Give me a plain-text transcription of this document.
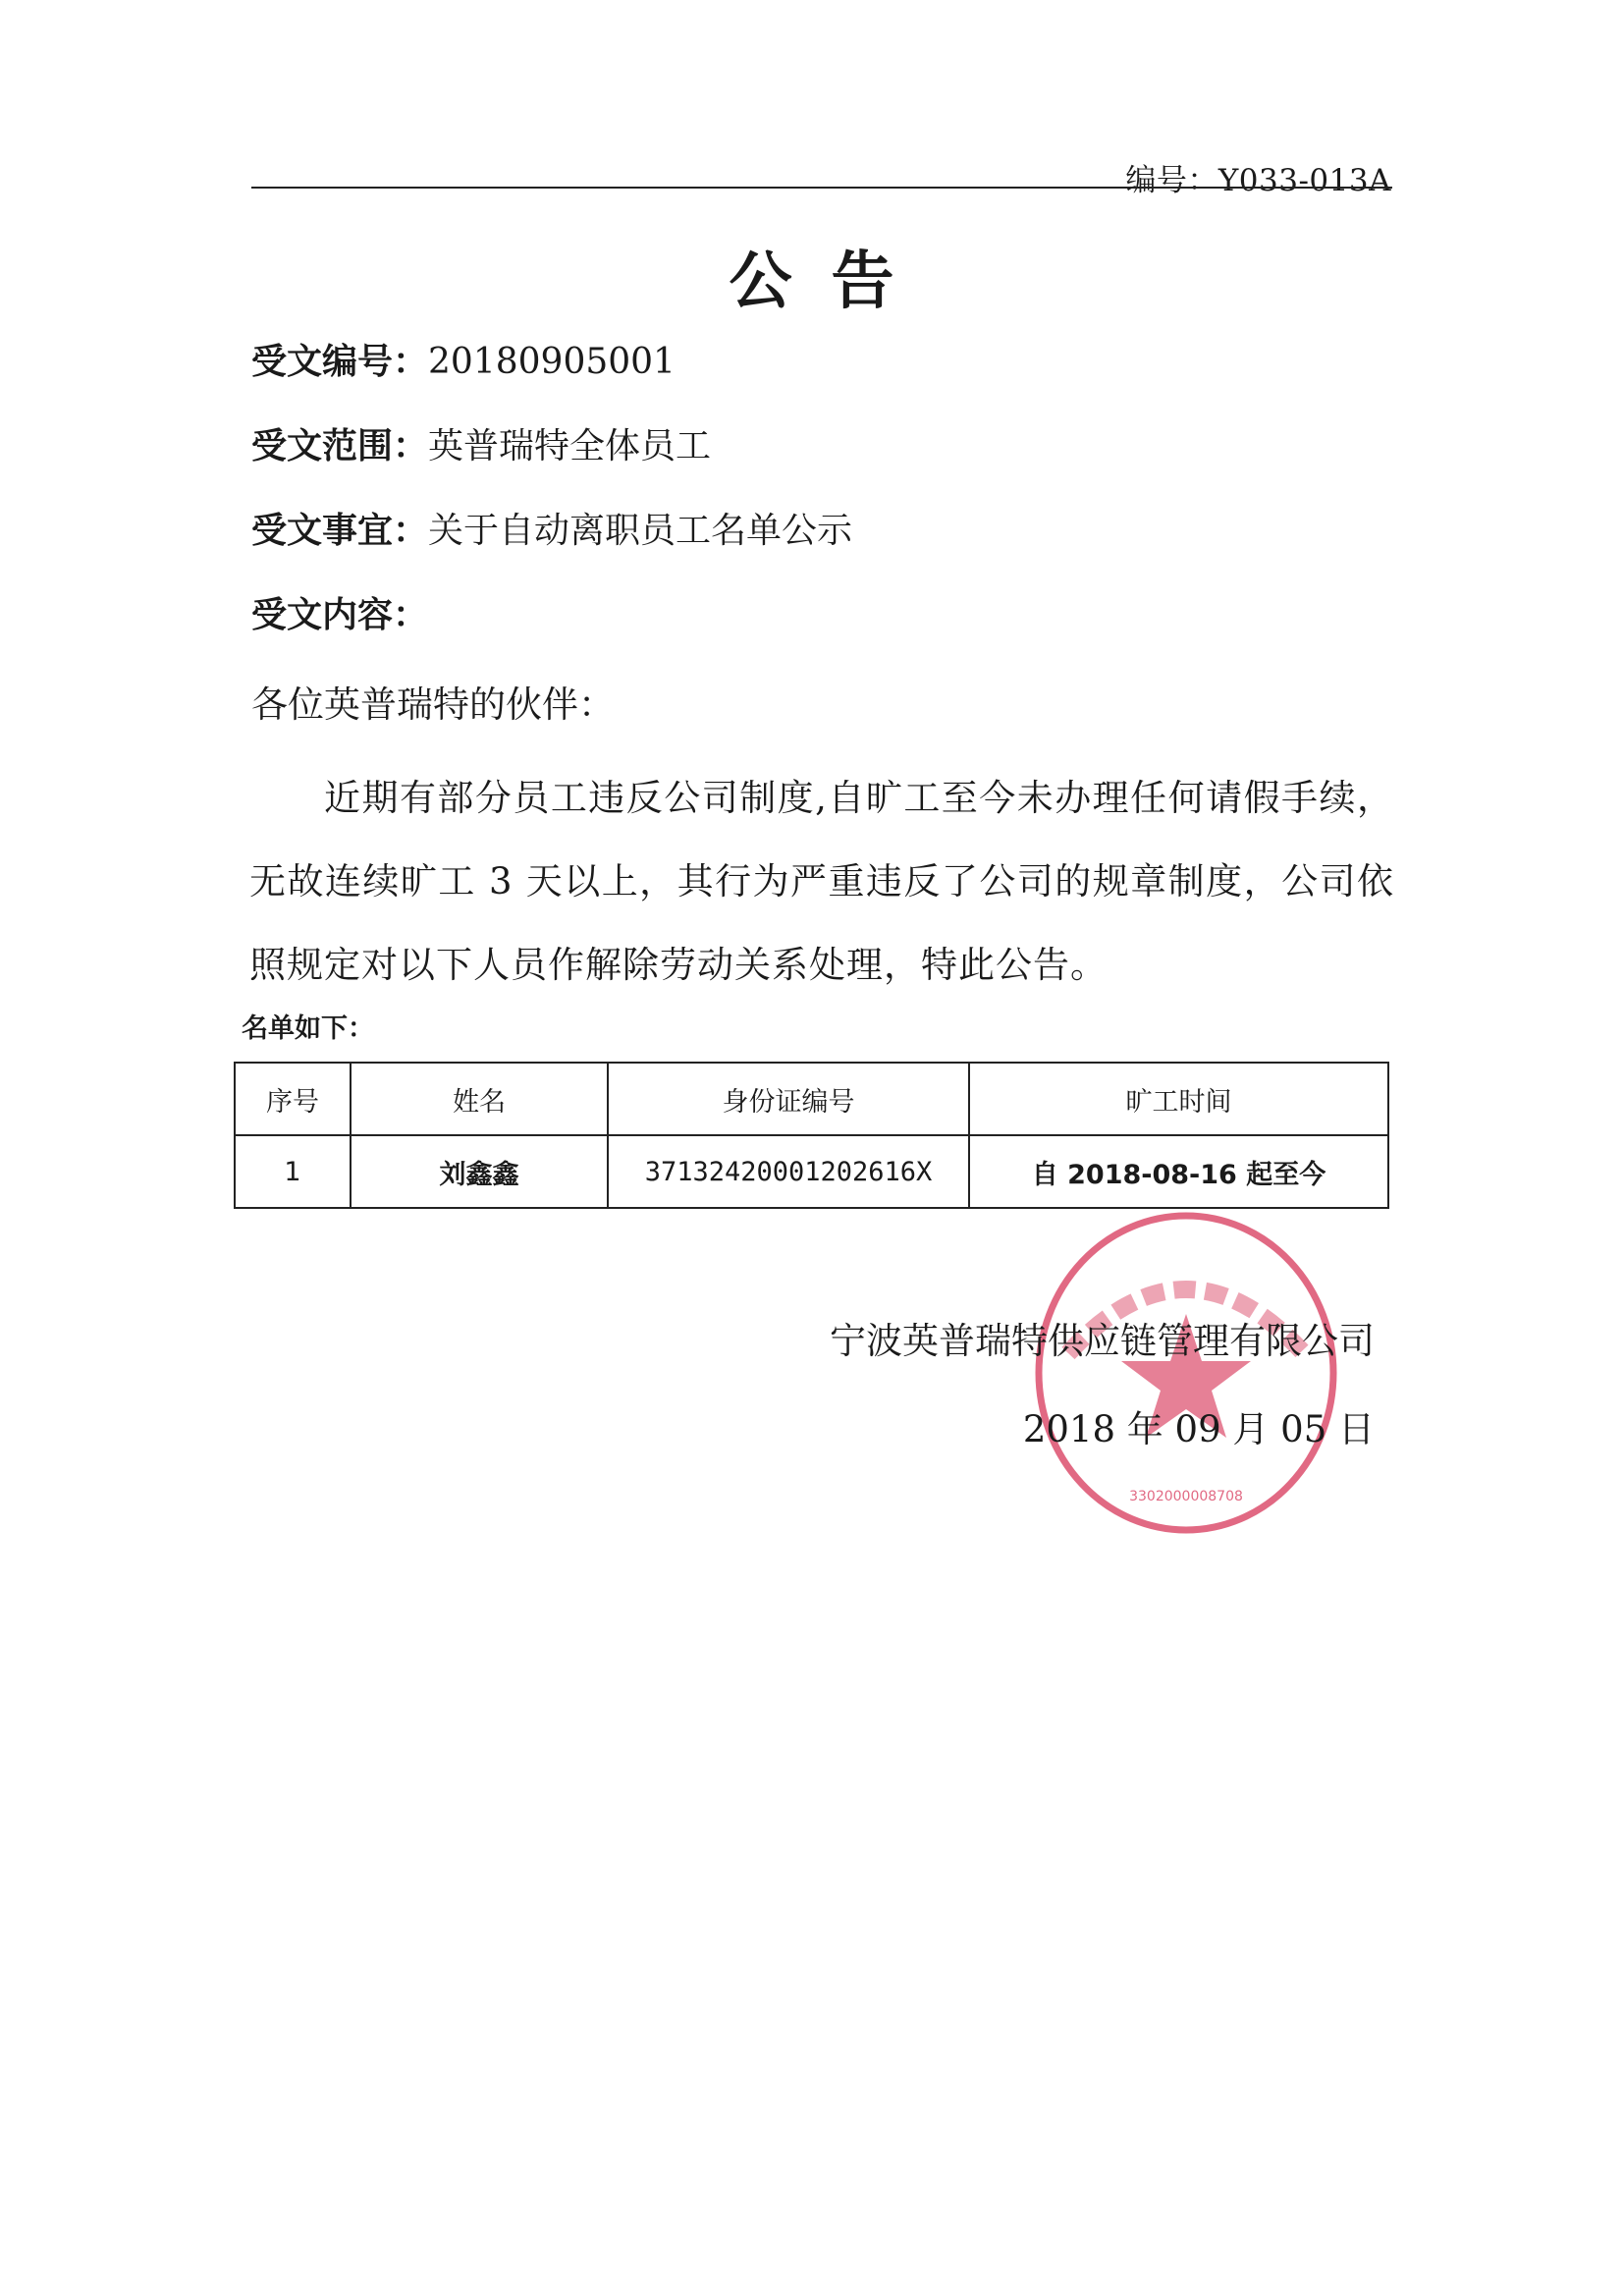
编号：Y033-013A
公告
受文编号：20180905001
受文范围：英普瑞特全体员工
受文事宜：关于自动离职员工名单公示
受文内容：
各位英普瑞特的伙伴：
近期有部分员工违反公司制度,自旷工至今未办理任何请假手续，无故连续旷工 3 天以上，其行为严重违反了公司的规章制度，公司依照规定对以下人员作解除劳动关系处理，特此公告。
名单如下：
序号	姓名	身份证编号	旷工时间
1	刘鑫鑫	37132420001202616X	自 2018-08-16 起至今
3302000008708
宁波英普瑞特供应链管理有限公司
2018 年 09 月 05 日
